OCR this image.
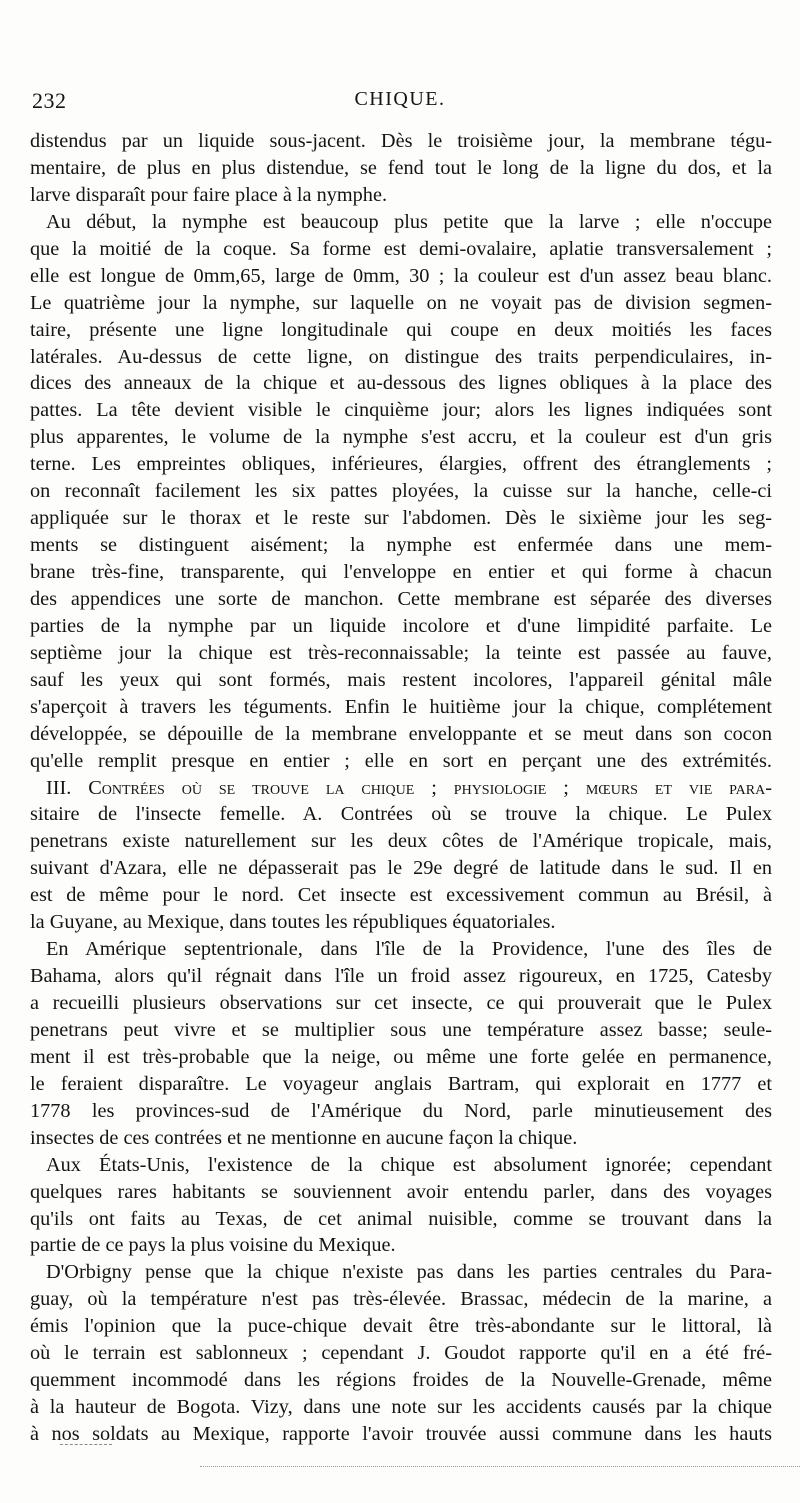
232	CHIQUE.
distendus par un liquide sous-jacent. Dès le troisième jour, la membrane tégu-
mentaire, de plus en plus distendue, se fend tout le long de la ligne du dos, et la
larve disparaît pour faire place à la nymphe.
Au début, la nymphe est beaucoup plus petite que la larve ; elle n'occupe
que la moitié de la coque. Sa forme est demi-ovalaire, aplatie transversalement ;
elle est longue de 0mm,65, large de 0mm, 30 ; la couleur est d'un assez beau blanc.
Le quatrième jour la nymphe, sur laquelle on ne voyait pas de division segmen-
taire, présente une ligne longitudinale qui coupe en deux moitiés les faces
latérales. Au-dessus de cette ligne, on distingue des traits perpendiculaires, in-
dices des anneaux de la chique et au-dessous des lignes obliques à la place des
pattes. La tête devient visible le cinquième jour; alors les lignes indiquées sont
plus apparentes, le volume de la nymphe s'est accru, et la couleur est d'un gris
terne. Les empreintes obliques, inférieures, élargies, offrent des étranglements ;
on reconnaît facilement les six pattes ployées, la cuisse sur la hanche, celle-ci
appliquée sur le thorax et le reste sur l'abdomen. Dès le sixième jour les seg-
ments se distinguent aisément; la nymphe est enfermée dans une mem-
brane très-fine, transparente, qui l'enveloppe en entier et qui forme à chacun
des appendices une sorte de manchon. Cette membrane est séparée des diverses
parties de la nymphe par un liquide incolore et d'une limpidité parfaite. Le
septième jour la chique est très-reconnaissable; la teinte est passée au fauve,
sauf les yeux qui sont formés, mais restent incolores, l'appareil génital mâle
s'aperçoit à travers les téguments. Enfin le huitième jour la chique, complétement
développée, se dépouille de la membrane enveloppante et se meut dans son cocon
qu'elle remplit presque en entier ; elle en sort en perçant une des extrémités.
III. Contrées où se trouve la chique ; physiologie ; mœurs et vie para-
sitaire de l'insecte femelle. A. Contrées où se trouve la chique. Le Pulex
penetrans existe naturellement sur les deux côtes de l'Amérique tropicale, mais,
suivant d'Azara, elle ne dépasserait pas le 29e degré de latitude dans le sud. Il en
est de même pour le nord. Cet insecte est excessivement commun au Brésil, à
la Guyane, au Mexique, dans toutes les républiques équatoriales.
En Amérique septentrionale, dans l'île de la Providence, l'une des îles de
Bahama, alors qu'il régnait dans l'île un froid assez rigoureux, en 1725, Catesby
a recueilli plusieurs observations sur cet insecte, ce qui prouverait que le Pulex
penetrans peut vivre et se multiplier sous une température assez basse; seule-
ment il est très-probable que la neige, ou même une forte gelée en permanence,
le feraient disparaître. Le voyageur anglais Bartram, qui explorait en 1777 et
1778 les provinces-sud de l'Amérique du Nord, parle minutieusement des
insectes de ces contrées et ne mentionne en aucune façon la chique.
Aux États-Unis, l'existence de la chique est absolument ignorée; cependant
quelques rares habitants se souviennent avoir entendu parler, dans des voyages
qu'ils ont faits au Texas, de cet animal nuisible, comme se trouvant dans la
partie de ce pays la plus voisine du Mexique.
D'Orbigny pense que la chique n'existe pas dans les parties centrales du Para-
guay, où la température n'est pas très-élevée. Brassac, médecin de la marine, a
émis l'opinion que la puce-chique devait être très-abondante sur le littoral, là
où le terrain est sablonneux ; cependant J. Goudot rapporte qu'il en a été fré-
quemment incommodé dans les régions froides de la Nouvelle-Grenade, même
à la hauteur de Bogota. Vizy, dans une note sur les accidents causés par la chique
à nos soldats au Mexique, rapporte l'avoir trouvée aussi commune dans les hauts
